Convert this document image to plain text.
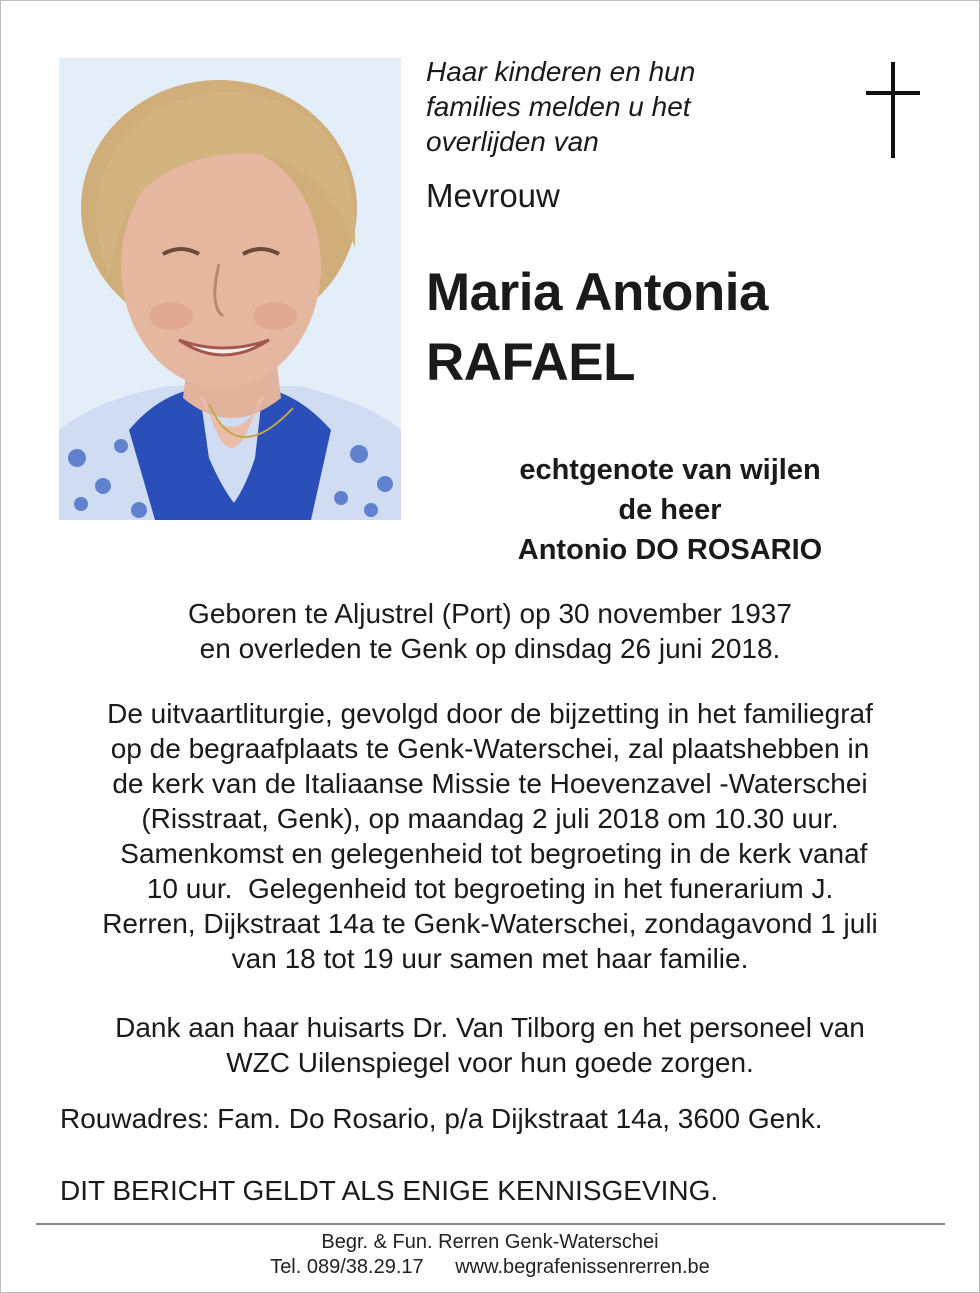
Haar kinderen en hun
families melden u het
overlijden van
Mevrouw
Maria Antonia
RAFAEL
echtgenote van wijlen
de heer
Antonio DO ROSARIO
Geboren te Aljustrel (Port) op 30 november 1937
en overleden te Genk op dinsdag 26 juni 2018.
De uitvaartliturgie, gevolgd door de bijzetting in het familiegraf
op de begraafplaats te Genk-Waterschei, zal plaatshebben in
de kerk van de Italiaanse Missie te Hoevenzavel -Waterschei
(Risstraat, Genk), op maandag 2 juli 2018 om 10.30 uur.
Samenkomst en gelegenheid tot begroeting in de kerk vanaf
10 uur.  Gelegenheid tot begroeting in het funerarium J.
Rerren, Dijkstraat 14a te Genk-Waterschei, zondagavond 1 juli
van 18 tot 19 uur samen met haar familie.
Dank aan haar huisarts Dr. Van Tilborg en het personeel van
WZC Uilenspiegel voor hun goede zorgen.
Rouwadres: Fam. Do Rosario, p/a Dijkstraat 14a, 3600 Genk.
DIT BERICHT GELDT ALS ENIGE KENNISGEVING.
Begr. & Fun. Rerren Genk-Waterschei
Tel. 089/38.29.17 www.begrafenissenrerren.be
